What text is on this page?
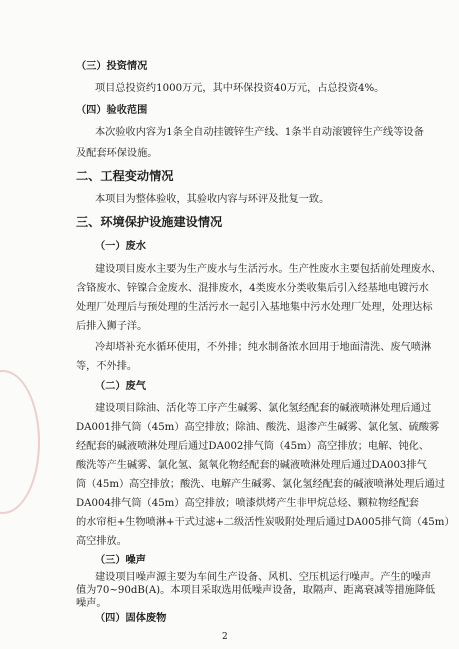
（三）投资情况
项目总投资约1000万元，其中环保投资40万元，占总投资4%。
（四）验收范围
本次验收内容为1条全自动挂镀锌生产线、1条半自动滚镀锌生产线等设备
及配套环保设施。
二、工程变动情况
本项目为整体验收，其验收内容与环评及批复一致。
三、环境保护设施建设情况
（一）废水
建设项目废水主要为生产废水与生活污水。生产性废水主要包括前处理废水、
含铬废水、锌镍合金废水、混排废水，4类废水分类收集后引入经基地电镀污水
处理厂处理后与预处理的生活污水一起引入基地集中污水处理厂处理，处理达标
后排入狮子洋。
冷却塔补充水循环使用，不外排；纯水制备浓水回用于地面清洗、废气喷淋
等，不外排。
（二）废气
建设项目除油、活化等工序产生碱雾、氯化氢经配套的碱液喷淋处理后通过
DA001排气筒（45m）高空排放；除油、酸洗、退渗产生碱雾、氯化氢、硫酸雾
经配套的碱液喷淋处理后通过DA002排气筒（45m）高空排放；电解、钝化、
酸洗等产生碱雾、氯化氢、氮氧化物经配套的碱液喷淋处理后通过DA003排气
筒（45m）高空排放；酸洗、电解产生碱雾、氯化氢经配套的碱液喷淋处理后通过
DA004排气筒（45m）高空排放；喷漆烘烤产生非甲烷总烃、颗粒物经配套
的水帘柜+生物喷淋+干式过滤+二级活性炭吸附处理后通过DA005排气筒（45m）
高空排放。
（三）噪声
建设项目噪声源主要为车间生产设备、风机、空压机运行噪声。产生的噪声
值为70~90dB(A)。本项目采取选用低噪声设备，取隔声、距离衰减等措施降低
噪声。
2
（四）固体废物
